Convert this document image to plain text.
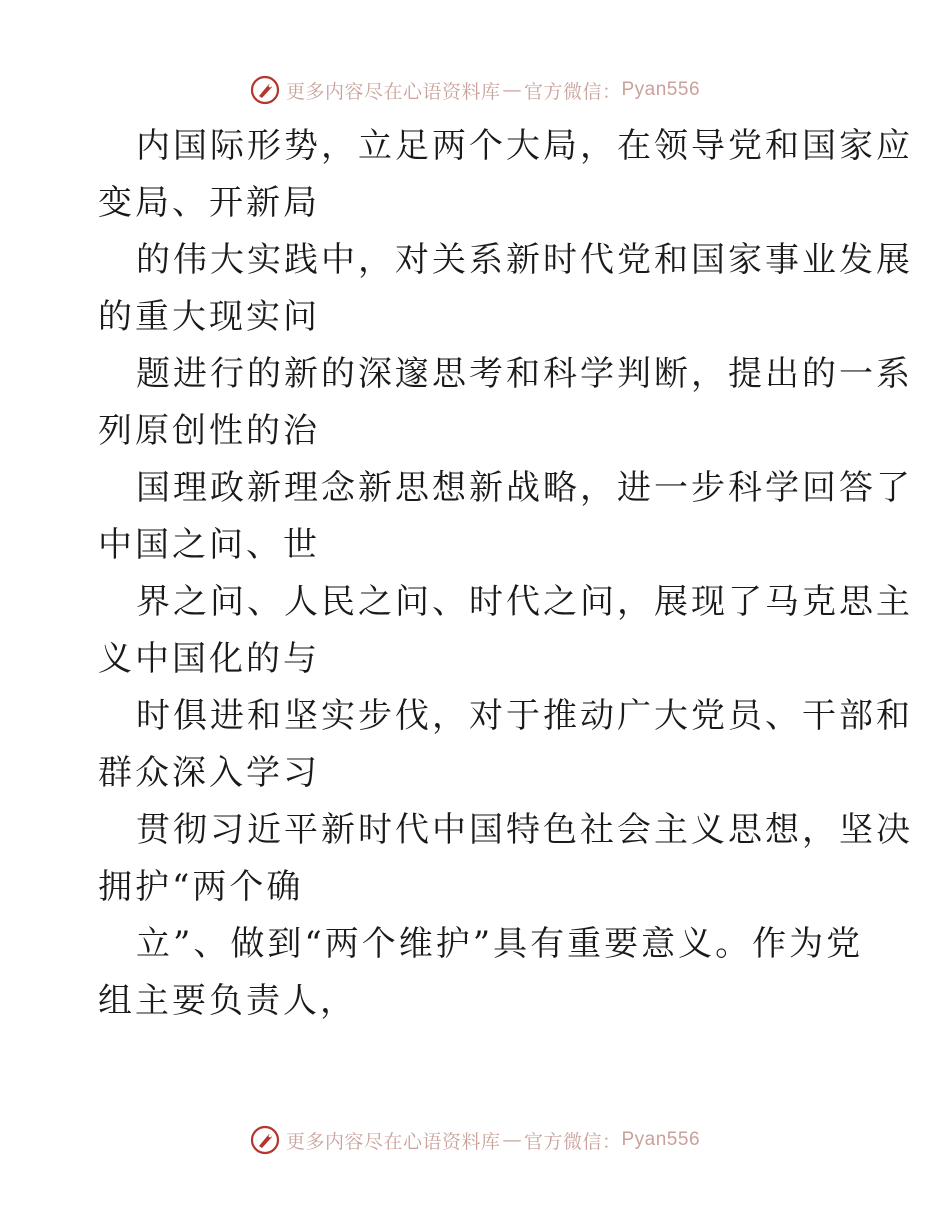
更多内容尽在心语资料库 — 官方微信： Pyan556

内国际形势，立足两个大局，在领导党和国家应
变局、开新局

的伟大实践中，对关系新时代党和国家事业发展
的重大现实问

题进行的新的深邃思考和科学判断，提出的一系
列原创性的治

国理政新理念新思想新战略，进一步科学回答了
中国之问、世

界之问、人民之问、时代之问，展现了马克思主
义中国化的与

时俱进和坚实步伐，对于推动广大党员、干部和
群众深入学习

贯彻习近平新时代中国特色社会主义思想，坚决
拥护“两个确

立”、做到“两个维护”具有重要意义。作为党
组主要负责人，

更多内容尽在心语资料库 — 官方微信： Pyan556
